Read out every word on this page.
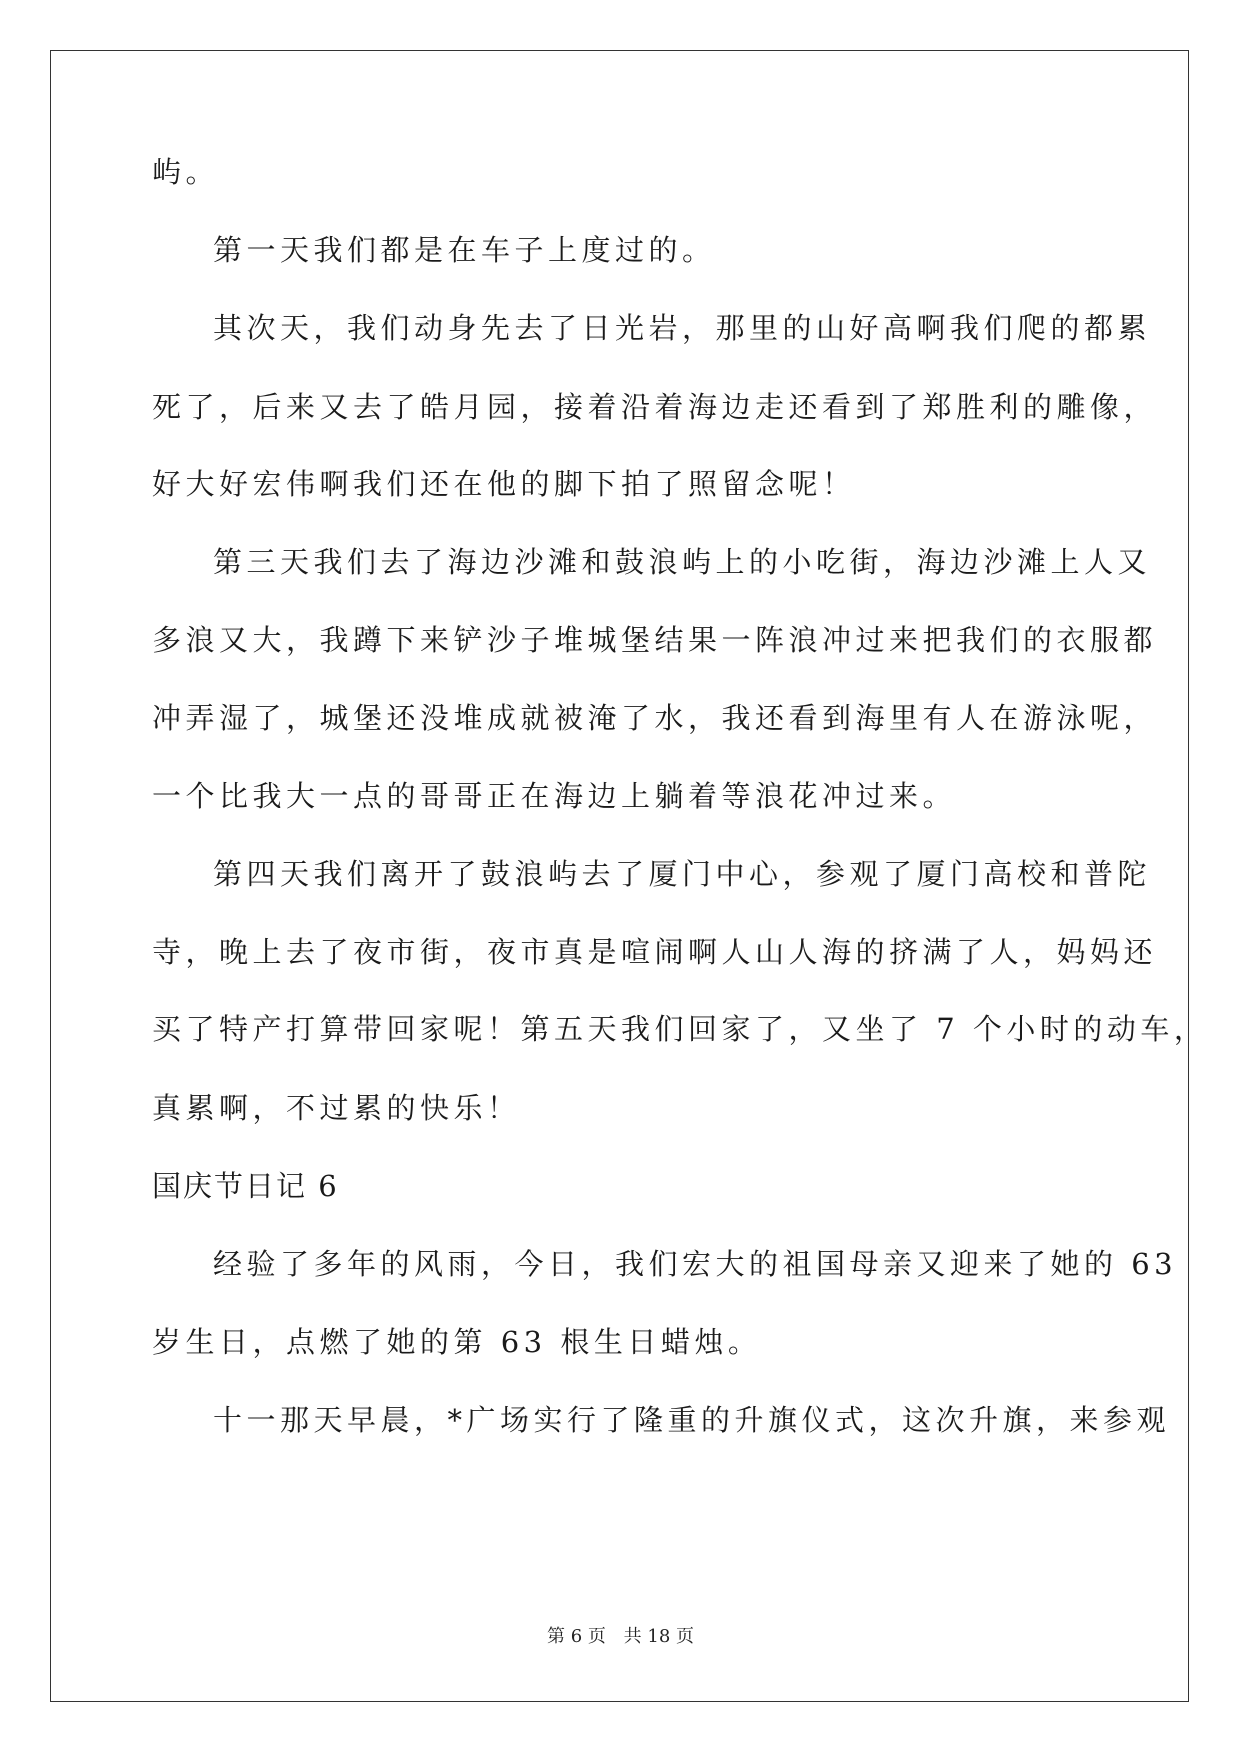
屿。
第一天我们都是在车子上度过的。
其次天，我们动身先去了日光岩，那里的山好高啊我们爬的都累
死了，后来又去了皓月园，接着沿着海边走还看到了郑胜利的雕像，
好大好宏伟啊我们还在他的脚下拍了照留念呢！
第三天我们去了海边沙滩和鼓浪屿上的小吃街，海边沙滩上人又
多浪又大，我蹲下来铲沙子堆城堡结果一阵浪冲过来把我们的衣服都
冲弄湿了，城堡还没堆成就被淹了水，我还看到海里有人在游泳呢，
一个比我大一点的哥哥正在海边上躺着等浪花冲过来。
第四天我们离开了鼓浪屿去了厦门中心，参观了厦门高校和普陀
寺，晚上去了夜市街，夜市真是喧闹啊人山人海的挤满了人，妈妈还
买了特产打算带回家呢！第五天我们回家了，又坐了 7 个小时的动车，
真累啊，不过累的快乐！
国庆节日记 6
经验了多年的风雨，今日，我们宏大的祖国母亲又迎来了她的 63
岁生日，点燃了她的第 63 根生日蜡烛。
十一那天早晨，*广场实行了隆重的升旗仪式，这次升旗，来参观
第 6 页 共 18 页
